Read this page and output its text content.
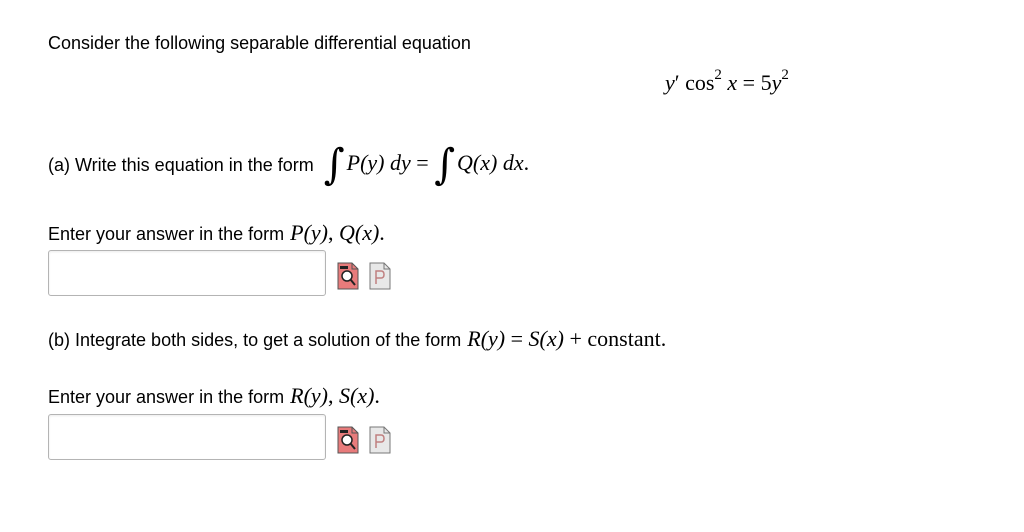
Consider the following separable differential equation
y′ $\cos^2 x = 5y^2$
(a) Write this equation in the form ∫P(y) dy = ∫Q(x) dx.
Enter your answer in the form P(y), Q(x).
(b) Integrate both sides, to get a solution of the form R(y) = S(x) + constant.
Enter your answer in the form R(y), S(x).
